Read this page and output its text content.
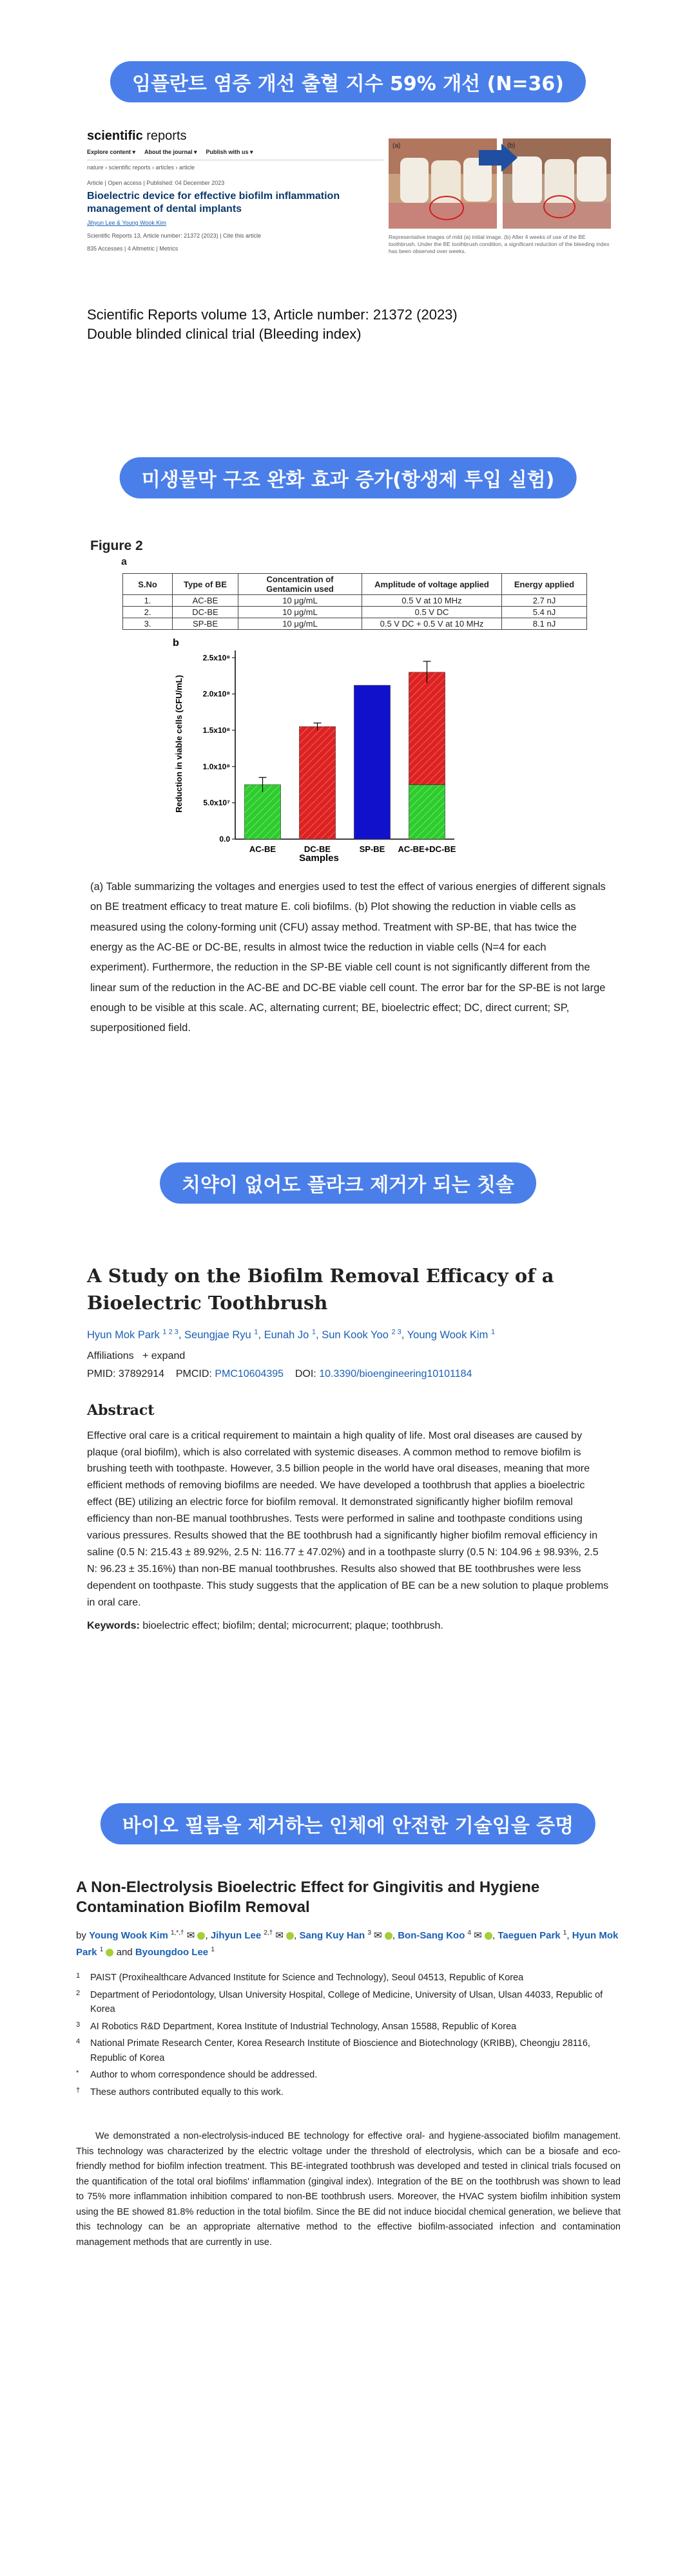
임플란트 염증 개선 출혈 지수 59% 개선 (N=36)
scientific reports
Explore content ▾ About the journal ▾ Publish with us ▾
nature › scientific reports › articles › article
Article | Open access | Published: 04 December 2023
Bioelectric device for effective biofilm inflammation management of dental implants
Jihyun Lee & Young Wook Kim
Scientific Reports 13, Article number: 21372 (2023) | Cite this article
835 Accesses | 4 Altmetric | Metrics
(a)	(b)
Representative images of mild (a) initial image. (b) After 4 weeks of use of the BE toothbrush. Under the BE toothbrush condition, a significant reduction of the bleeding index has been observed over weeks.
Scientific Reports volume 13, Article number: 21372 (2023)
Double blinded clinical trial (Bleeding index)
미생물막 구조 완화 효과 증가(항생제 투입 실험)
Figure 2
a
S.No	Type of BE	Concentration of Gentamicin used	Amplitude of voltage applied	Energy applied
1.	AC-BE	10 μg/mL	0.5 V at 10 MHz	2.7 nJ
2.	DC-BE	10 μg/mL	0.5 V DC	5.4 nJ
3.	SP-BE	10 μg/mL	0.5 V DC + 0.5 V at 10 MHz	8.1 nJ
b
0.0
5.0x10⁷
1.0x10⁸
1.5x10⁸
2.0x10⁸
2.5x10⁸
AC-BE	DC-BE	SP-BE AC-BE+DC-BE
Samples
Reduction in viable cells (CFU/mL)
(a) Table summarizing the voltages and energies used to test the effect of various energies of different signals on BE treatment efficacy to treat mature E. coli biofilms. (b) Plot showing the reduction in viable cells as measured using the colony-forming unit (CFU) assay method. Treatment with SP-BE, that has twice the energy as the AC-BE or DC-BE, results in almost twice the reduction in viable cells (N=4 for each experiment). Furthermore, the reduction in the SP-BE viable cell count is not significantly different from the linear sum of the reduction in the AC-BE and DC-BE viable cell count. The error bar for the SP-BE is not large enough to be visible at this scale. AC, alternating current; BE, bioelectric effect; DC, direct current; SP, superpositioned field.
치약이 없어도 플라크 제거가 되는 칫솔
A Study on the Biofilm Removal Efficacy of a Bioelectric Toothbrush
Hyun Mok Park $^{1 2 3}$, Seungjae Ryu $^1$, Eunah Jo $^1$, Sun Kook Yoo $^{2 3}$, Young Wook Kim $^1$
Affiliations + expand
PMID: 37892914 PMCID: PMC10604395 DOI: 10.3390/bioengineering10101184
Abstract
Effective oral care is a critical requirement to maintain a high quality of life. Most oral diseases are caused by plaque (oral biofilm), which is also correlated with systemic diseases. A common method to remove biofilm is brushing teeth with toothpaste. However, 3.5 billion people in the world have oral diseases, meaning that more efficient methods of removing biofilms are needed. We have developed a toothbrush that applies a bioelectric effect (BE) utilizing an electric force for biofilm removal. It demonstrated significantly higher biofilm removal efficiency than non-BE manual toothbrushes. Tests were performed in saline and toothpaste conditions using various pressures. Results showed that the BE toothbrush had a significantly higher biofilm removal efficiency in saline (0.5 N: 215.43 ± 89.92%, 2.5 N: 116.77 ± 47.02%) and in a toothpaste slurry (0.5 N: 104.96 ± 98.93%, 2.5 N: 96.23 ± 35.16%) than non-BE manual toothbrushes. Results also showed that BE toothbrushes were less dependent on toothpaste. This study suggests that the application of BE can be a new solution to plaque problems in oral care.
Keywords: bioelectric effect; biofilm; dental; microcurrent; plaque; toothbrush.
바이오 필름을 제거하는 인체에 안전한 기술임을 증명
A Non-Electrolysis Bioelectric Effect for Gingivitis and Hygiene Contamination Biofilm Removal
by Young Wook Kim $^{1,*,\dagger}$ ✉ , Jihyun Lee $^{2,\dagger}$ ✉ , Sang Kuy Han $^3$ ✉ , Bon-Sang Koo $^4$ ✉ , Taeguen Park $^1$, Hyun Mok Park $^1$ and Byoungdoo Lee $^1$
1	PAIST (Proxihealthcare Advanced Institute for Science and Technology), Seoul 04513, Republic of Korea
2	Department of Periodontology, Ulsan University Hospital, College of Medicine, University of Ulsan, Ulsan 44033, Republic of Korea
3	AI Robotics R&D Department, Korea Institute of Industrial Technology, Ansan 15588, Republic of Korea
4	National Primate Research Center, Korea Research Institute of Bioscience and Biotechnology (KRIBB), Cheongju 28116, Republic of Korea
*	Author to whom correspondence should be addressed.
†	These authors contributed equally to this work.
We demonstrated a non-electrolysis-induced BE technology for effective oral- and hygiene-associated biofilm management. This technology was characterized by the electric voltage under the threshold of electrolysis, which can be a biosafe and eco-friendly method for biofilm infection treatment. This BE-integrated toothbrush was developed and tested in clinical trials focused on the quantification of the total oral biofilms' inflammation (gingival index). Integration of the BE on the toothbrush was shown to lead to 75% more inflammation inhibition compared to non-BE toothbrush users. Moreover, the HVAC system biofilm inhibition system using the BE showed 81.8% reduction in the total biofilm. Since the BE did not induce biocidal chemical generation, we believe that this technology can be an appropriate alternative method to the effective biofilm-associated infection and contamination management methods that are currently in use.
